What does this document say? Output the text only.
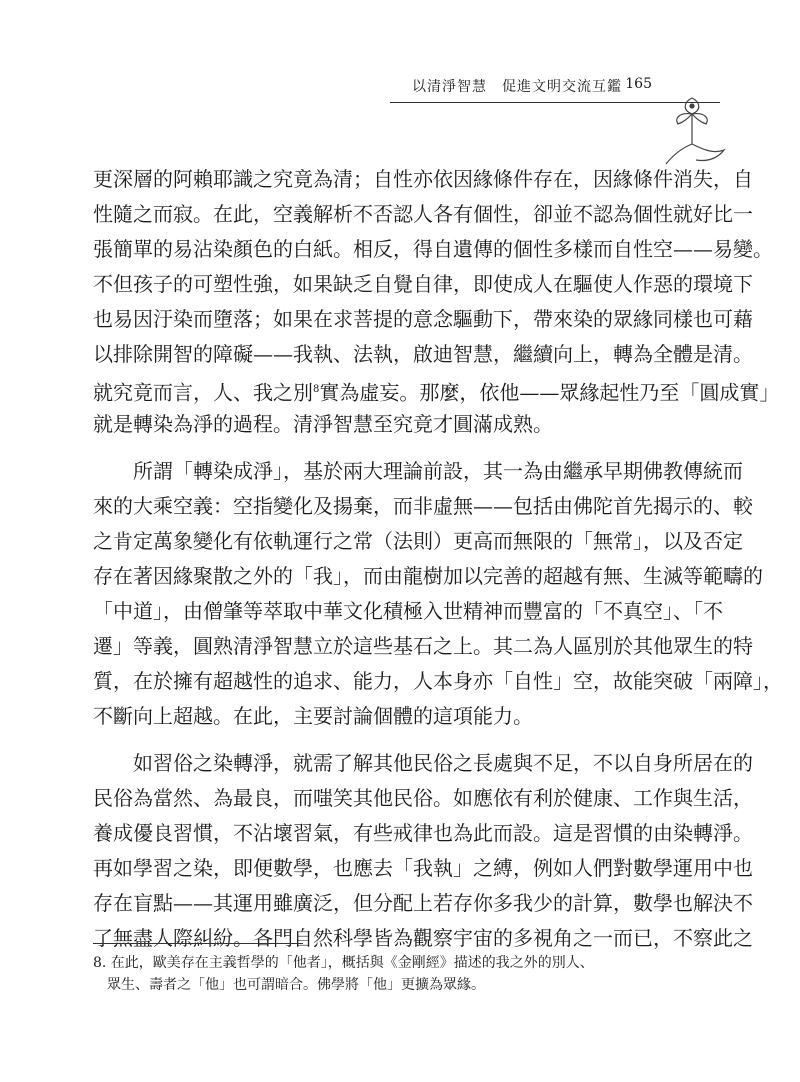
以清淨智慧　促進文明交流互鑑 165
更深層的阿賴耶識之究竟為清；自性亦依因緣條件存在，因緣條件消失，自
性隨之而寂。在此，空義解析不否認人各有個性，卻並不認為個性就好比一
張簡單的易沾染顏色的白紙。相反，得自遺傳的個性多樣而自性空——易變。
不但孩子的可塑性強，如果缺乏自覺自律，即使成人在驅使人作惡的環境下
也易因汙染而墮落；如果在求菩提的意念驅動下，帶來染的眾緣同樣也可藉
以排除開智的障礙——我執、法執，啟迪智慧，繼續向上，轉為全體是清。
就究竟而言，人、我之別$^8$實為虛妄。那麼，依他——眾緣起性乃至「圓成實」
就是轉染為淨的過程。清淨智慧至究竟才圓滿成熟。
所謂「轉染成淨」，基於兩大理論前設，其一為由繼承早期佛教傳統而
來的大乘空義：空指變化及揚棄，而非虛無——包括由佛陀首先揭示的、較
之肯定萬象變化有依軌運行之常（法則）更高而無限的「無常」，以及否定
存在著因緣聚散之外的「我」，而由龍樹加以完善的超越有無、生滅等範疇的
「中道」，由僧肇等萃取中華文化積極入世精神而豐富的「不真空」、「不
遷」等義，圓熟清淨智慧立於這些基石之上。其二為人區別於其他眾生的特
質，在於擁有超越性的追求、能力，人本身亦「自性」空，故能突破「兩障」，
不斷向上超越。在此，主要討論個體的這項能力。
如習俗之染轉淨，就需了解其他民俗之長處與不足，不以自身所居在的
民俗為當然、為最良，而嗤笑其他民俗。如應依有利於健康、工作與生活，
養成優良習慣，不沾壞習氣，有些戒律也為此而設。這是習慣的由染轉淨。
再如學習之染，即便數學，也應去「我執」之縛，例如人們對數學運用中也
存在盲點——其運用雖廣泛，但分配上若存你多我少的計算，數學也解決不
了無盡人際糾紛。各門自然科學皆為觀察宇宙的多視角之一而已，不察此之
8. 在此，歐美存在主義哲學的「他者」，概括與《金剛經》描述的我之外的別人、
　眾生、壽者之「他」也可謂暗合。佛學將「他」更擴為眾緣。
